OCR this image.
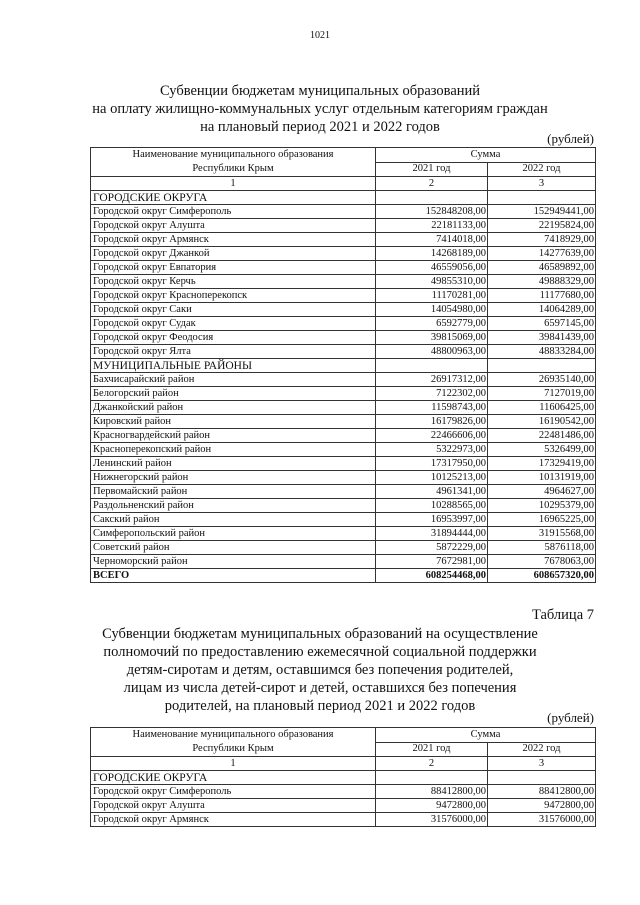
1021
Субвенции бюджетам муниципальных образований
на оплату жилищно-коммунальных услуг отдельным категориям граждан
на плановый период 2021 и 2022 годов
(рублей)
Наименование муниципального образования
Республики Крым	Сумма	
	2021 год	2022 год
1	2	3
ГОРОДСКИЕ ОКРУГА		
Городской округ Симферополь	152848208,00	152949441,00
Городской округ Алушта	22181133,00	22195824,00
Городской округ Армянск	7414018,00	7418929,00
Городской округ Джанкой	14268189,00	14277639,00
Городской округ Евпатория	46559056,00	46589892,00
Городской округ Керчь	49855310,00	49888329,00
Городской округ Красноперекопск	11170281,00	11177680,00
Городской округ Саки	14054980,00	14064289,00
Городской округ Судак	6592779,00	6597145,00
Городской округ Феодосия	39815069,00	39841439,00
Городской округ Ялта	48800963,00	48833284,00
МУНИЦИПАЛЬНЫЕ РАЙОНЫ		
Бахчисарайский район	26917312,00	26935140,00
Белогорский район	7122302,00	7127019,00
Джанкойский район	11598743,00	11606425,00
Кировский район	16179826,00	16190542,00
Красногвардейский район	22466606,00	22481486,00
Красноперекопский район	5322973,00	5326499,00
Ленинский район	17317950,00	17329419,00
Нижнегорский район	10125213,00	10131919,00
Первомайский район	4961341,00	4964627,00
Раздольненский район	10288565,00	10295379,00
Сакский район	16953997,00	16965225,00
Симферопольский район	31894444,00	31915568,00
Советский район	5872229,00	5876118,00
Черноморский район	7672981,00	7678063,00
ВСЕГО	608254468,00	608657320,00
Таблица 7
Субвенции бюджетам муниципальных образований на осуществление
полномочий по предоставлению ежемесячной социальной поддержки
детям-сиротам и детям, оставшимся без попечения родителей,
лицам из числа детей-сирот и детей, оставшихся без попечения
родителей, на плановый период 2021 и 2022 годов
(рублей)
Наименование муниципального образования
Республики Крым	Сумма	
	2021 год	2022 год
1	2	3
ГОРОДСКИЕ ОКРУГА		
Городской округ Симферополь	88412800,00	88412800,00
Городской округ Алушта	9472800,00	9472800,00
Городской округ Армянск	31576000,00	31576000,00
